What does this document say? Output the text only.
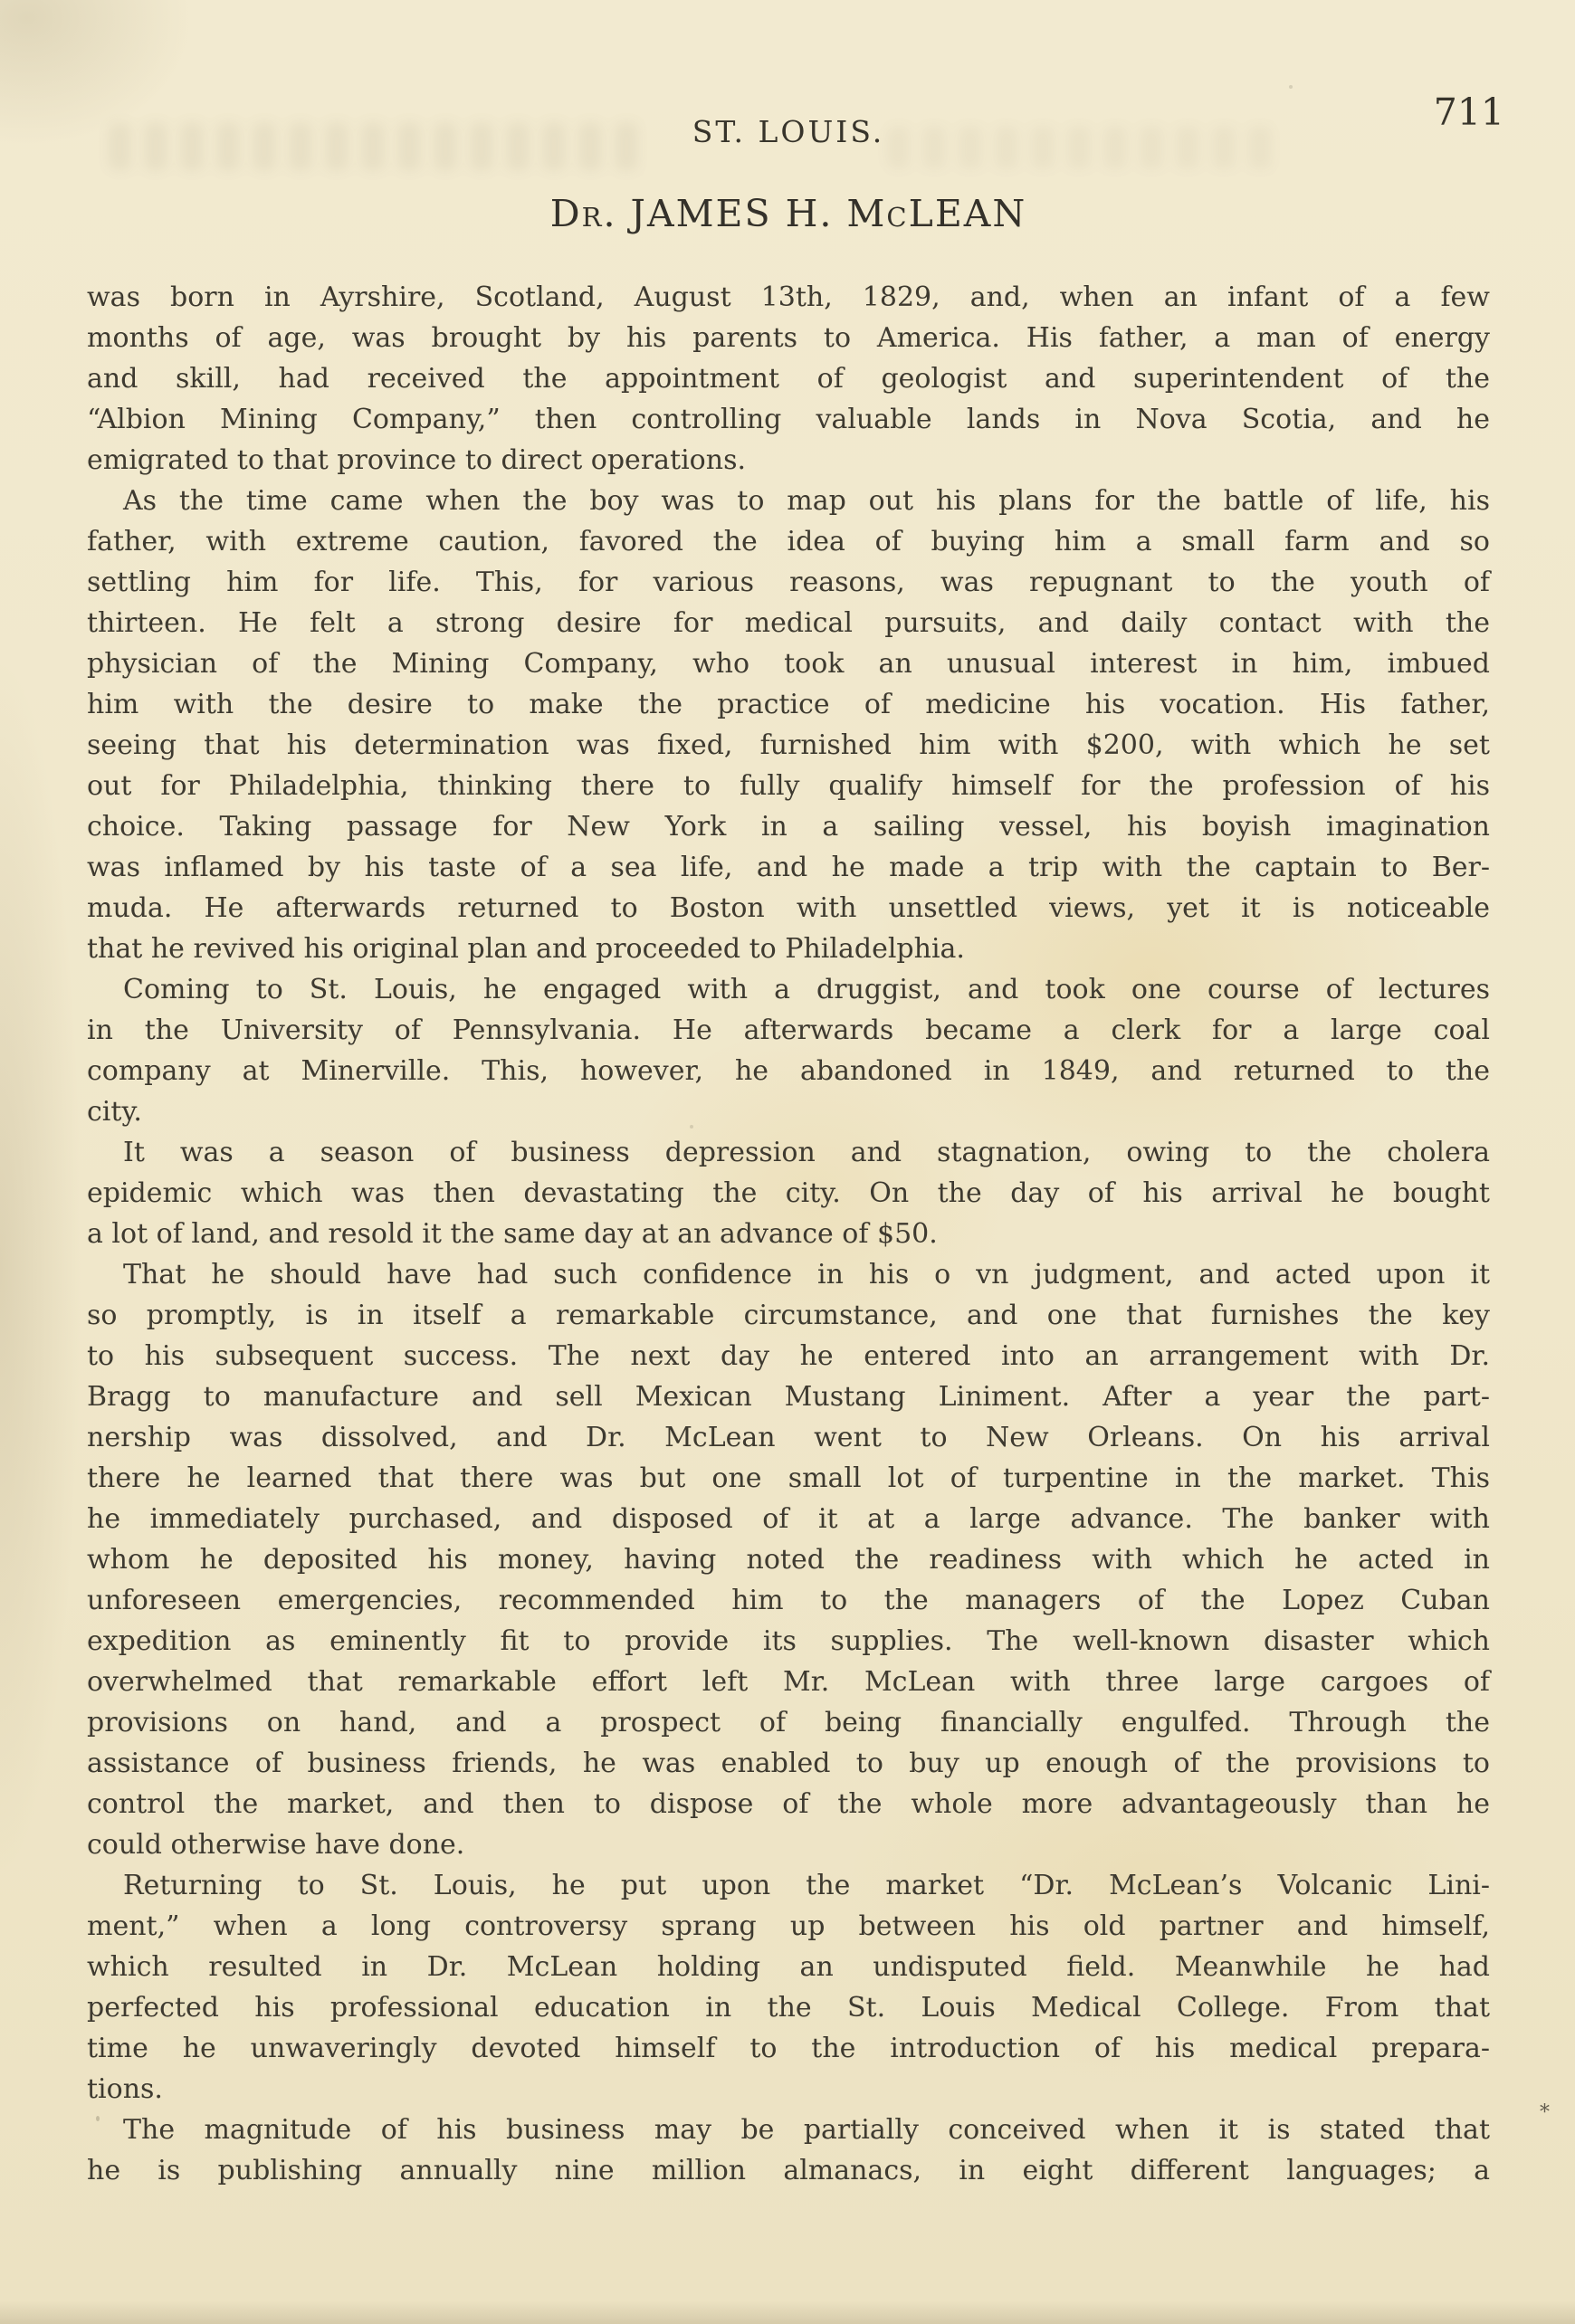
ST. LOUIS.	711
Dr. JAMES H. McLEAN
was born in Ayrshire, Scotland, August 13th, 1829, and, when an infant of a few
months of age, was brought by his parents to America. His father, a man of energy
and skill, had received the appointment of geologist and superintendent of the
“Albion Mining Company,” then controlling valuable lands in Nova Scotia, and he
emigrated to that province to direct operations.
As the time came when the boy was to map out his plans for the battle of life, his
father, with extreme caution, favored the idea of buying him a small farm and so
settling him for life. This, for various reasons, was repugnant to the youth of
thirteen. He felt a strong desire for medical pursuits, and daily contact with the
physician of the Mining Company, who took an unusual interest in him, imbued
him with the desire to make the practice of medicine his vocation. His father,
seeing that his determination was fixed, furnished him with $200, with which he set
out for Philadelphia, thinking there to fully qualify himself for the profession of his
choice. Taking passage for New York in a sailing vessel, his boyish imagination
was inflamed by his taste of a sea life, and he made a trip with the captain to Ber-
muda. He afterwards returned to Boston with unsettled views, yet it is noticeable
that he revived his original plan and proceeded to Philadelphia.
Coming to St. Louis, he engaged with a druggist, and took one course of lectures
in the University of Pennsylvania. He afterwards became a clerk for a large coal
company at Minerville. This, however, he abandoned in 1849, and returned to the
city.
It was a season of business depression and stagnation, owing to the cholera
epidemic which was then devastating the city. On the day of his arrival he bought
a lot of land, and resold it the same day at an advance of $50.
That he should have had such confidence in his o vn judgment, and acted upon it
so promptly, is in itself a remarkable circumstance, and one that furnishes the key
to his subsequent success. The next day he entered into an arrangement with Dr.
Bragg to manufacture and sell Mexican Mustang Liniment. After a year the part-
nership was dissolved, and Dr. McLean went to New Orleans. On his arrival
there he learned that there was but one small lot of turpentine in the market. This
he immediately purchased, and disposed of it at a large advance. The banker with
whom he deposited his money, having noted the readiness with which he acted in
unforeseen emergencies, recommended him to the managers of the Lopez Cuban
expedition as eminently fit to provide its supplies. The well-known disaster which
overwhelmed that remarkable effort left Mr. McLean with three large cargoes of
provisions on hand, and a prospect of being financially engulfed. Through the
assistance of business friends, he was enabled to buy up enough of the provisions to
control the market, and then to dispose of the whole more advantageously than he
could otherwise have done.
Returning to St. Louis, he put upon the market “Dr. McLean’s Volcanic Lini-
ment,” when a long controversy sprang up between his old partner and himself,
which resulted in Dr. McLean holding an undisputed field. Meanwhile he had
perfected his professional education in the St. Louis Medical College. From that
time he unwaveringly devoted himself to the introduction of his medical prepara-
tions.
The magnitude of his business may be partially conceived when it is stated that
he is publishing annually nine million almanacs, in eight different languages; a
*
